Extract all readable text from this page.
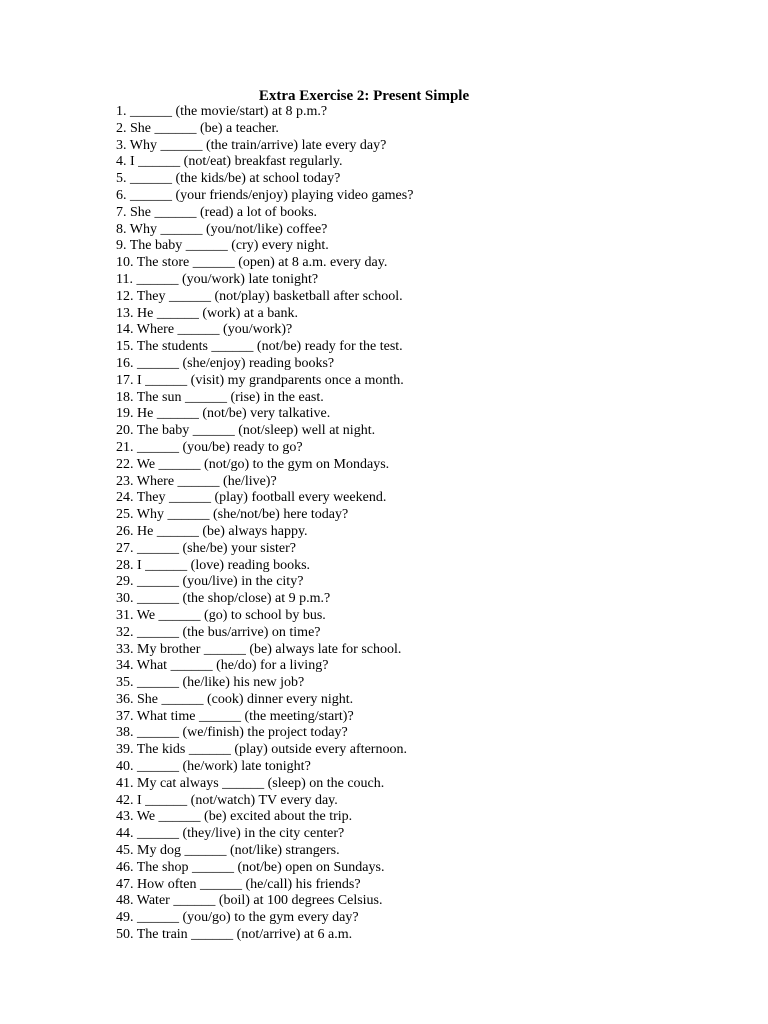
Extra Exercise 2: Present Simple
1. ______ (the movie/start) at 8 p.m.?
2. She ______ (be) a teacher.
3. Why ______ (the train/arrive) late every day?
4. I ______ (not/eat) breakfast regularly.
5. ______ (the kids/be) at school today?
6. ______ (your friends/enjoy) playing video games?
7. She ______ (read) a lot of books.
8. Why ______ (you/not/like) coffee?
9. The baby ______ (cry) every night.
10. The store ______ (open) at 8 a.m. every day.
11. ______ (you/work) late tonight?
12. They ______ (not/play) basketball after school.
13. He ______ (work) at a bank.
14. Where ______ (you/work)?
15. The students ______ (not/be) ready for the test.
16. ______ (she/enjoy) reading books?
17. I ______ (visit) my grandparents once a month.
18. The sun ______ (rise) in the east.
19. He ______ (not/be) very talkative.
20. The baby ______ (not/sleep) well at night.
21. ______ (you/be) ready to go?
22. We ______ (not/go) to the gym on Mondays.
23. Where ______ (he/live)?
24. They ______ (play) football every weekend.
25. Why ______ (she/not/be) here today?
26. He ______ (be) always happy.
27. ______ (she/be) your sister?
28. I ______ (love) reading books.
29. ______ (you/live) in the city?
30. ______ (the shop/close) at 9 p.m.?
31. We ______ (go) to school by bus.
32. ______ (the bus/arrive) on time?
33. My brother ______ (be) always late for school.
34. What ______ (he/do) for a living?
35. ______ (he/like) his new job?
36. She ______ (cook) dinner every night.
37. What time ______ (the meeting/start)?
38. ______ (we/finish) the project today?
39. The kids ______ (play) outside every afternoon.
40. ______ (he/work) late tonight?
41. My cat always ______ (sleep) on the couch.
42. I ______ (not/watch) TV every day.
43. We ______ (be) excited about the trip.
44. ______ (they/live) in the city center?
45. My dog ______ (not/like) strangers.
46. The shop ______ (not/be) open on Sundays.
47. How often ______ (he/call) his friends?
48. Water ______ (boil) at 100 degrees Celsius.
49. ______ (you/go) to the gym every day?
50. The train ______ (not/arrive) at 6 a.m.
